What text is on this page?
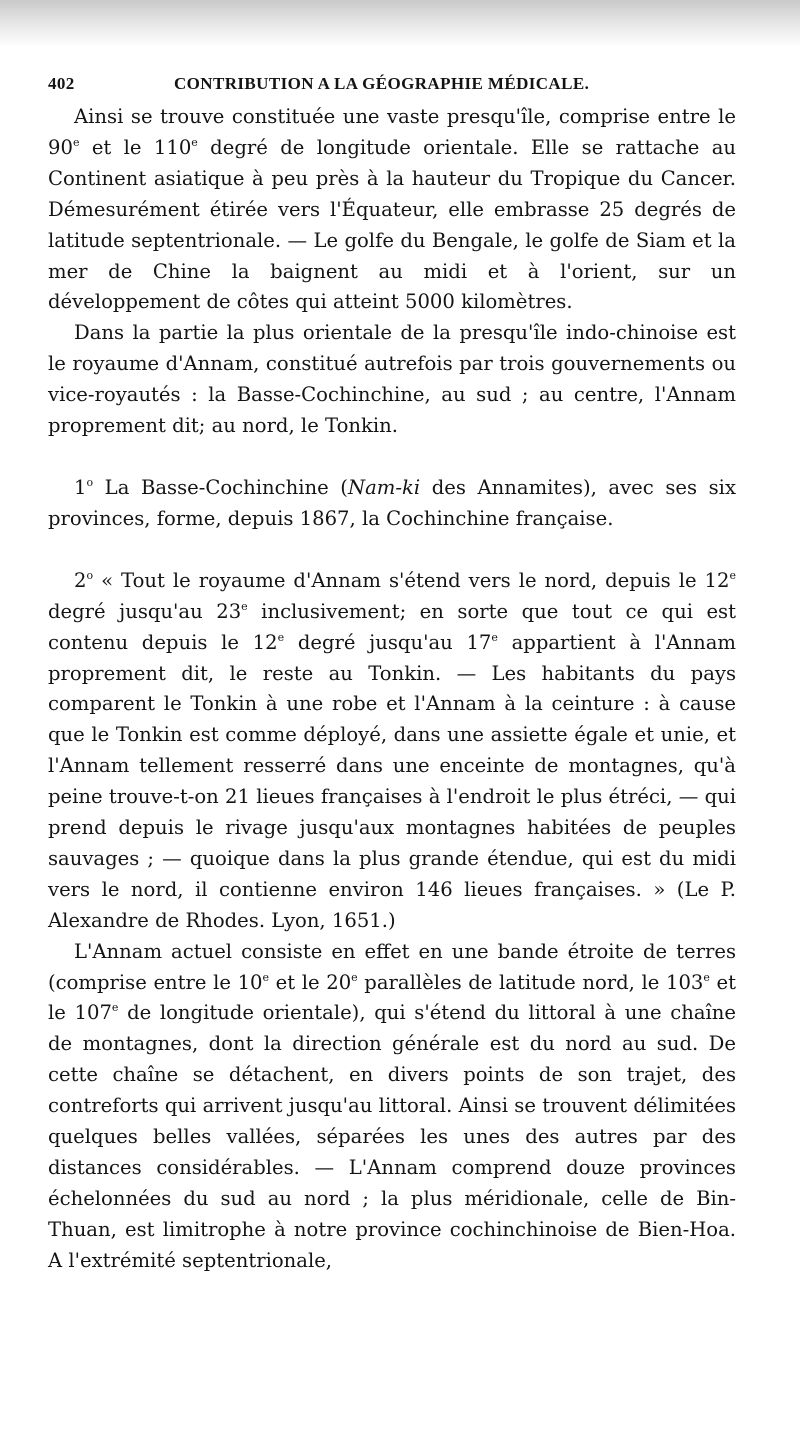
402	CONTRIBUTION A LA GÉOGRAPHIE MÉDICALE.

Ainsi se trouve constituée une vaste presqu'île, comprise entre le 90e et le 110e degré de longitude orientale. Elle se rattache au Continent asiatique à peu près à la hauteur du Tropique du Cancer. Démesurément étirée vers l'Équateur, elle embrasse 25 degrés de latitude septentrionale. — Le golfe du Bengale, le golfe de Siam et la mer de Chine la baignent au midi et à l'orient, sur un développement de côtes qui atteint 5000 kilomètres.

Dans la partie la plus orientale de la presqu'île indo-chinoise est le royaume d'Annam, constitué autrefois par trois gouvernements ou vice-royautés : la Basse-Cochinchine, au sud ; au centre, l'Annam proprement dit; au nord, le Tonkin.

1$^o$ La Basse-Cochinchine (Nam-ki des Annamites), avec ses six provinces, forme, depuis 1867, la Cochinchine française.

2$^o$ « Tout le royaume d'Annam s'étend vers le nord, depuis le 12e degré jusqu'au 23e inclusivement; en sorte que tout ce qui est contenu depuis le 12e degré jusqu'au 17e appartient à l'Annam proprement dit, le reste au Tonkin. — Les habitants du pays comparent le Tonkin à une robe et l'Annam à la ceinture : à cause que le Tonkin est comme déployé, dans une assiette égale et unie, et l'Annam tellement resserré dans une enceinte de montagnes, qu'à peine trouve-t-on 21 lieues françaises à l'endroit le plus étréci, — qui prend depuis le rivage jusqu'aux montagnes habitées de peuples sauvages ; — quoique dans la plus grande étendue, qui est du midi vers le nord, il contienne environ 146 lieues françaises. » (Le P. Alexandre de Rhodes. Lyon, 1651.)

L'Annam actuel consiste en effet en une bande étroite de terres (comprise entre le 10e et le 20e parallèles de latitude nord, le 103e et le 107e de longitude orientale), qui s'étend du littoral à une chaîne de montagnes, dont la direction générale est du nord au sud. De cette chaîne se détachent, en divers points de son trajet, des contreforts qui arrivent jusqu'au littoral. Ainsi se trouvent délimitées quelques belles vallées, séparées les unes des autres par des distances considérables. — L'Annam comprend douze provinces échelonnées du sud au nord ; la plus méridionale, celle de Bin-Thuan, est limitrophe à notre province cochinchinoise de Bien-Hoa. A l'extrémité septentrionale,
